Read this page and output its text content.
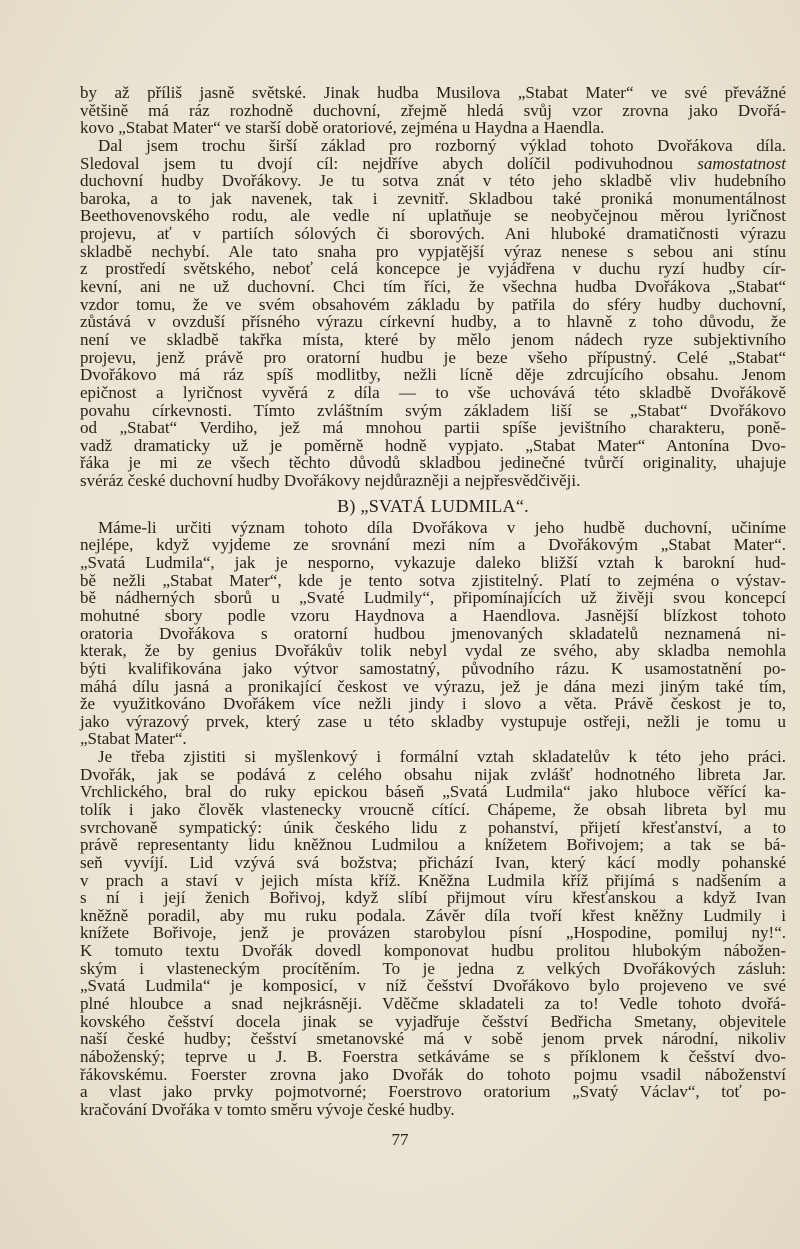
by až příliš jasně světské. Jinak hudba Musilova „Stabat Mater“ ve své převážné
většině má ráz rozhodně duchovní, zřejmě hledá svůj vzor zrovna jako Dvořá-
kovo „Stabat Mater“ ve starší době oratoriové, zejména u Haydna a Haendla.
Dal jsem trochu širší základ pro rozborný výklad tohoto Dvořákova díla.
Sledoval jsem tu dvojí cíl: nejdříve abych dolíčil podivuhodnou samostatnost
duchovní hudby Dvořákovy. Je tu sotva znát v této jeho skladbě vliv hudebního
baroka, a to jak navenek, tak i zevnitř. Skladbou také proniká monumentálnost
Beethovenovského rodu, ale vedle ní uplatňuje se neobyčejnou měrou lyričnost
projevu, ať v partiích sólových či sborových. Ani hluboké dramatičnosti výrazu
skladbě nechybí. Ale tato snaha pro vypjatější výraz nenese s sebou ani stínu
z prostředí světského, neboť celá koncepce je vyjádřena v duchu ryzí hudby cír-
kevní, ani ne už duchovní. Chci tím říci, že všechna hudba Dvořákova „Stabat“
vzdor tomu, že ve svém obsahovém základu by patřila do sféry hudby duchovní,
zůstává v ovzduší přísného výrazu církevní hudby, a to hlavně z toho důvodu, že
není ve skladbě takřka místa, které by mělo jenom nádech ryze subjektivního
projevu, jenž právě pro oratorní hudbu je beze všeho přípustný. Celé „Stabat“
Dvořákovo má ráz spíš modlitby, nežli lícně děje zdrcujícího obsahu. Jenom
epičnost a lyričnost vyvěrá z díla — to vše uchovává této skladbě Dvořákově
povahu církevnosti. Tímto zvláštním svým základem liší se „Stabat“ Dvořákovo
od „Stabat“ Verdiho, jež má mnohou partii spíše jevištního charakteru, poně-
vadž dramaticky už je poměrně hodně vypjato. „Stabat Mater“ Antonína Dvo-
řáka je mi ze všech těchto důvodů skladbou jedinečné tvůrčí originality, uhajuje
svéráz české duchovní hudby Dvořákovy nejdůrazněji a nejpřesvědčivěji.
B) „SVATÁ LUDMILA“.
Máme-li určiti význam tohoto díla Dvořákova v jeho hudbě duchovní, učiníme
nejlépe, když vyjdeme ze srovnání mezi ním a Dvořákovým „Stabat Mater“.
„Svatá Ludmila“, jak je nesporno, vykazuje daleko bližší vztah k barokní hud-
bě nežli „Stabat Mater“, kde je tento sotva zjistitelný. Platí to zejména o výstav-
bě nádherných sborů u „Svaté Ludmily“, připomínajících už živěji svou koncepcí
mohutné sbory podle vzoru Haydnova a Haendlova. Jasnější blízkost tohoto
oratoria Dvořákova s oratorní hudbou jmenovaných skladatelů neznamená ni-
kterak, že by genius Dvořákův tolik nebyl vydal ze svého, aby skladba nemohla
býti kvalifikována jako výtvor samostatný, původního rázu. K usamostatnění po-
máhá dílu jasná a pronikající českost ve výrazu, jež je dána mezi jiným také tím,
že využitkováno Dvořákem více nežli jindy i slovo a věta. Právě českost je to,
jako výrazový prvek, který zase u této skladby vystupuje ostřeji, nežli je tomu u
„Stabat Mater“.
Je třeba zjistiti si myšlenkový i formální vztah skladatelův k této jeho práci.
Dvořák, jak se podává z celého obsahu nijak zvlášť hodnotného libreta Jar.
Vrchlického, bral do ruky epickou báseň „Svatá Ludmila“ jako hluboce věřící ka-
tolík i jako člověk vlastenecky vroucně cítící. Chápeme, že obsah libreta byl mu
svrchovaně sympatický: únik českého lidu z pohanství, přijetí křesťanství, a to
právě representanty lidu kněžnou Ludmilou a knížetem Bořivojem; a tak se bá-
seň vyvíjí. Lid vzývá svá božstva; přichází Ivan, který kácí modly pohanské
v prach a staví v jejich místa kříž. Kněžna Ludmila kříž přijímá s nadšením a
s ní i její ženich Bořivoj, když slíbí přijmout víru křesťanskou a když Ivan
kněžně poradil, aby mu ruku podala. Závěr díla tvoří křest kněžny Ludmily i
knížete Bořivoje, jenž je provázen starobylou písní „Hospodine, pomiluj ny!“.
K tomuto textu Dvořák dovedl komponovat hudbu prolitou hlubokým nábožen-
ským i vlasteneckým procítěním. To je jedna z velkých Dvořákových zásluh:
„Svatá Ludmila“ je komposicí, v níž češství Dvořákovo bylo projeveno ve své
plné hloubce a snad nejkrásněji. Vděčme skladateli za to! Vedle tohoto dvořá-
kovského češství docela jinak se vyjadřuje češství Bedřicha Smetany, objevitele
naší české hudby; češství smetanovské má v sobě jenom prvek národní, nikoliv
náboženský; teprve u J. B. Foerstra setkáváme se s příklonem k češství dvo-
řákovskému. Foerster zrovna jako Dvořák do tohoto pojmu vsadil náboženství
a vlast jako prvky pojmotvorné; Foerstrovo oratorium „Svatý Václav“, toť po-
kračování Dvořáka v tomto směru vývoje české hudby.
77
